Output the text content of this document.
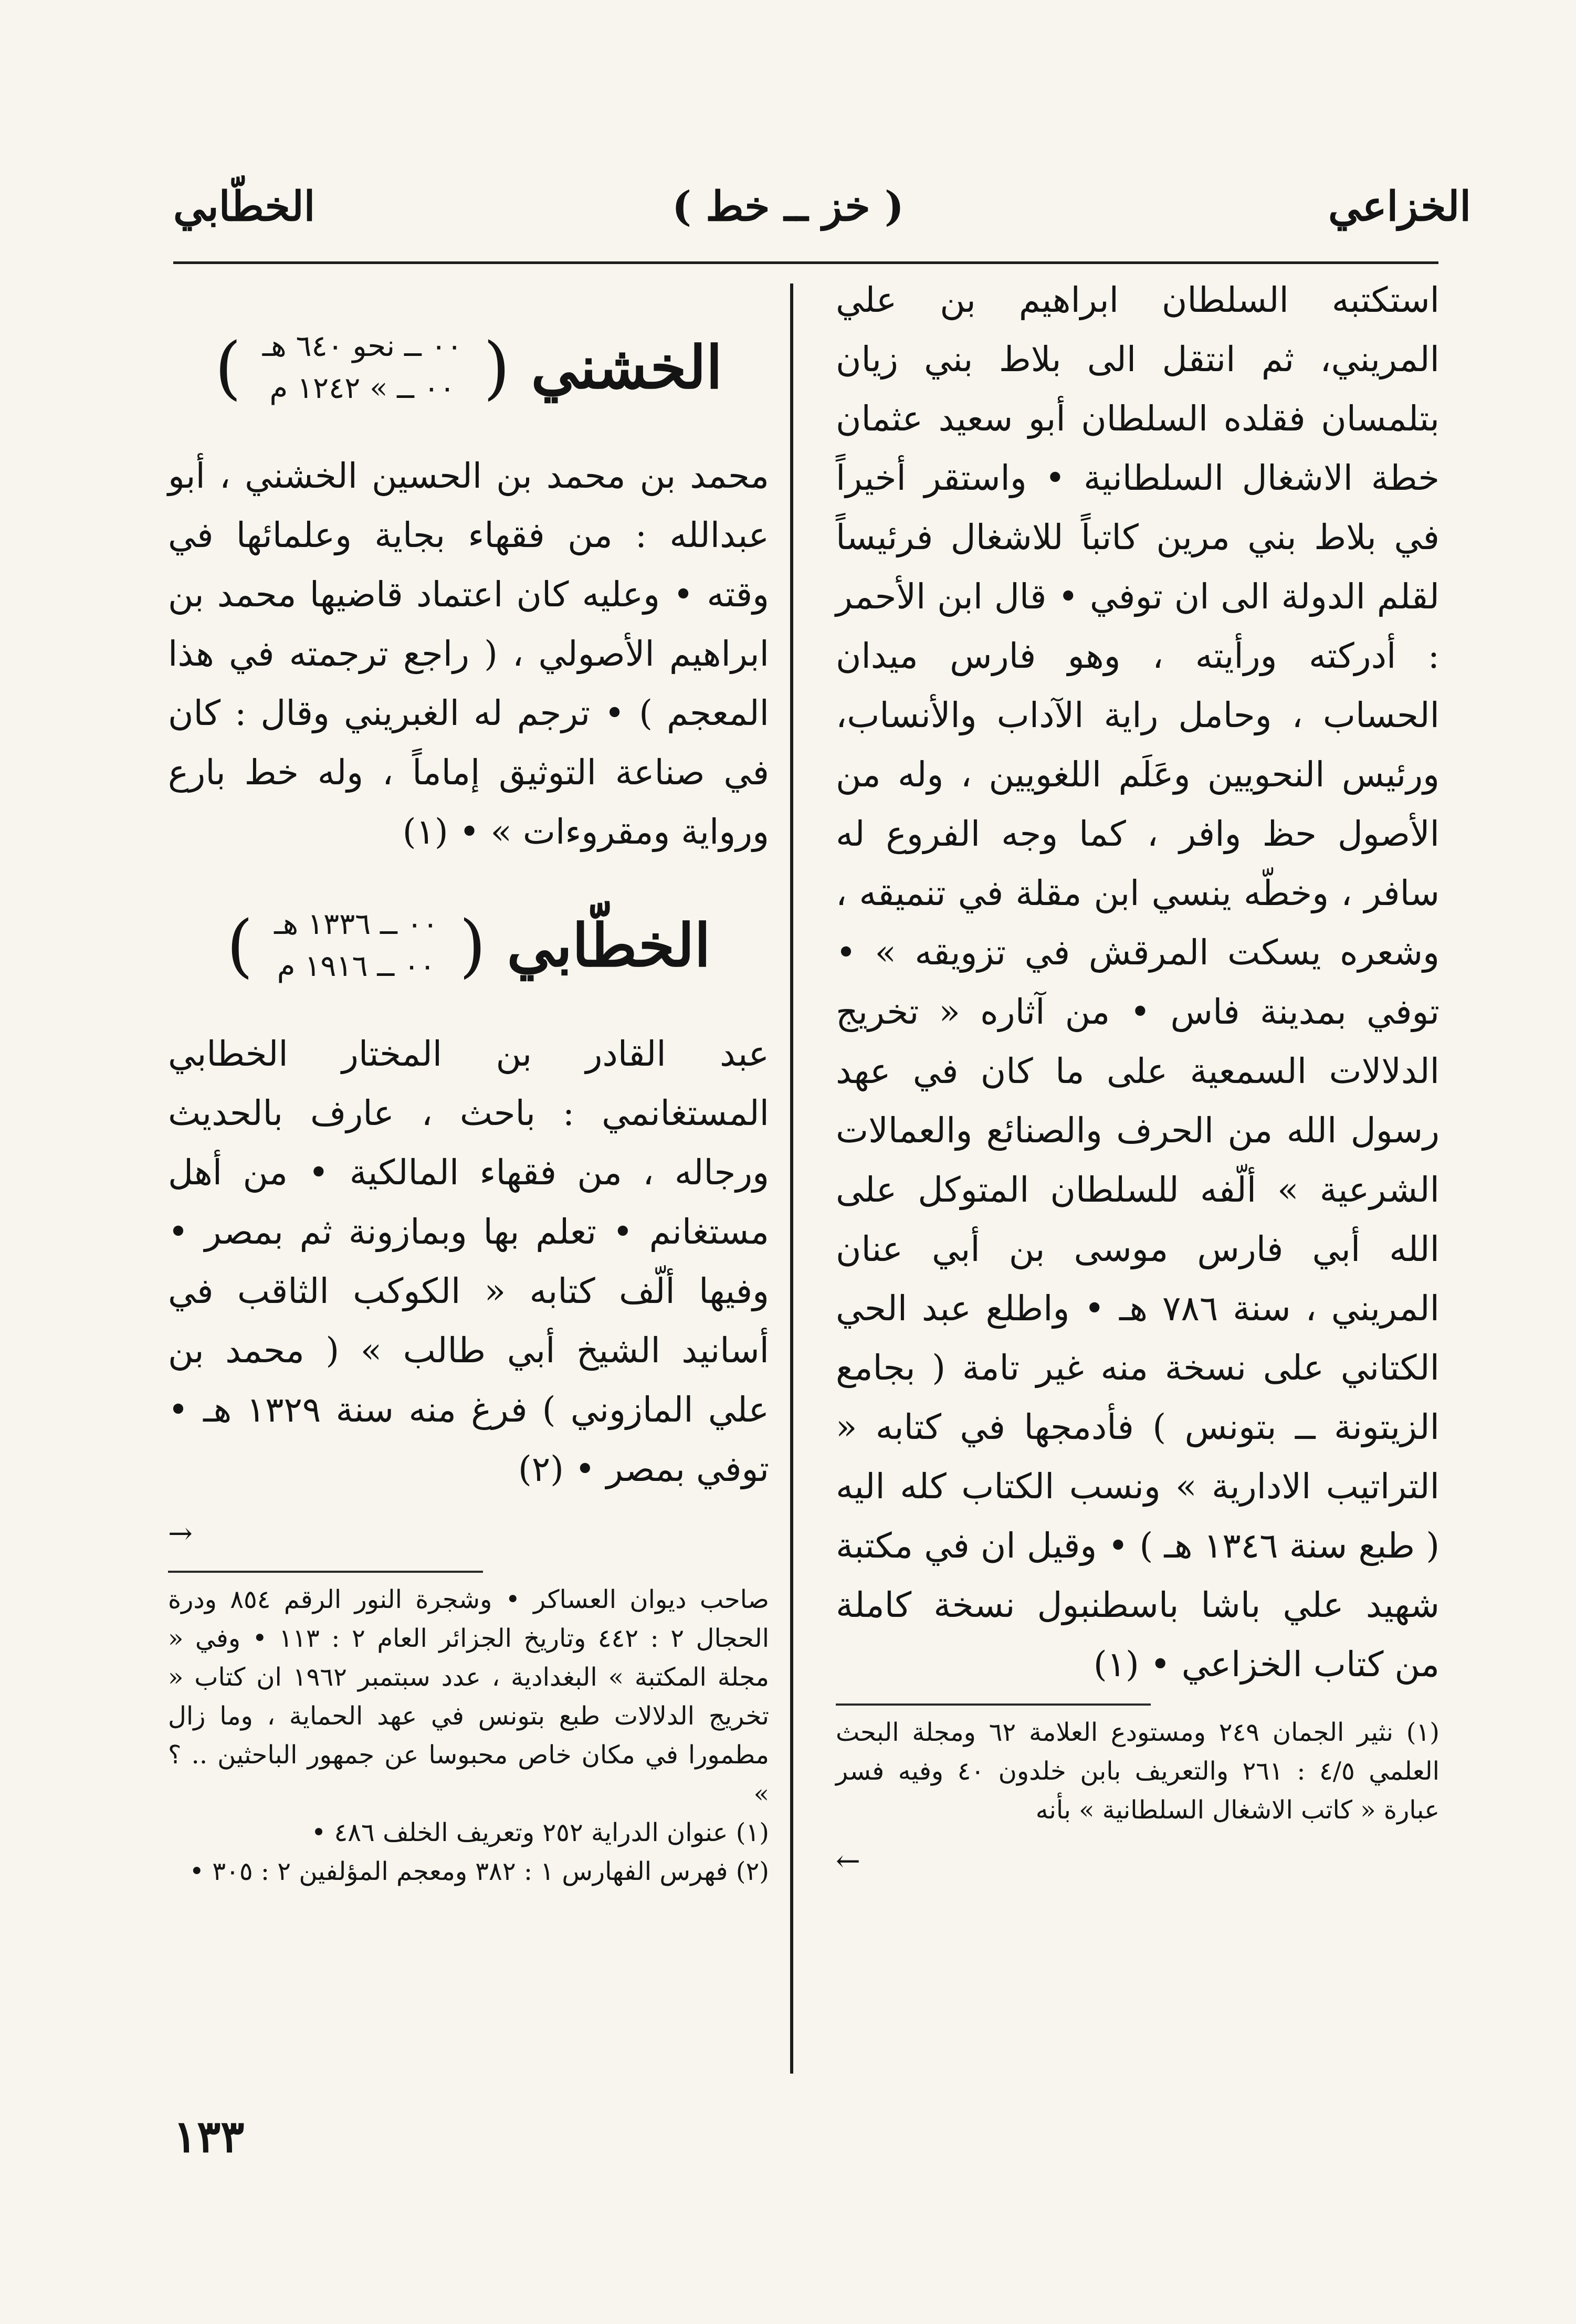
الخزاعي
( خز ــ خط )
الخطّابي

استكتبه السلطان ابراهيم بن علي المريني، ثم انتقل الى بلاط بني زيان بتلمسان فقلده السلطان أبو سعيد عثمان خطة الاشغال السلطانية • واستقر أخيراً في بلاط بني مرين كاتباً للاشغال فرئيساً لقلم الدولة الى ان توفي • قال ابن الأحمر : أدركته ورأيته ، وهو فارس ميدان الحساب ، وحامل راية الآداب والأنساب، ورئيس النحويين وعَلَم اللغويين ، وله من الأصول حظ وافر ، كما وجه الفروع له سافر ، وخطّه ينسي ابن مقلة في تنميقه ، وشعره يسكت المرقش في تزويقه » • توفي بمدينة فاس • من آثاره « تخريج الدلالات السمعية على ما كان في عهد رسول الله من الحرف والصنائع والعمالات الشرعية » ألّفه للسلطان المتوكل على الله أبي فارس موسى بن أبي عنان المريني ، سنة ٧٨٦ هـ • واطلع عبد الحي الكتاني على نسخة منه غير تامة ( بجامع الزيتونة ــ بتونس ) فأدمجها في كتابه « التراتيب الادارية » ونسب الكتاب كله اليه ( طبع سنة ١٣٤٦ هـ ) • وقيل ان في مكتبة شهيد علي باشا باسطنبول نسخة كاملة من كتاب الخزاعي • (١)

(١) نثير الجمان ٢٤٩ ومستودع العلامة ٦٢ ومجلة البحث العلمي ٤/٥ : ٢٦١ والتعريف بابن خلدون ٤٠ وفيه فسر عبارة « كاتب الاشغال السلطانية » بأنه

←
الخشني
(
٠٠ ــ نحو ٦٤٠ هـ
٠٠ ــ » ١٢٤٢ م
)

محمد بن محمد بن الحسين الخشني ، أبو عبدالله : من فقهاء بجاية وعلمائها في وقته • وعليه كان اعتماد قاضيها محمد بن ابراهيم الأصولي ، ( راجع ترجمته في هذا المعجم ) • ترجم له الغبريني وقال : كان في صناعة التوثيق إماماً ، وله خط بارع ورواية ومقروءات » • (١)

الخطّابي
(
٠٠ ــ ١٣٣٦ هـ
٠٠ ــ ١٩١٦ م
)

عبد القادر بن المختار الخطابي المستغانمي : باحث ، عارف بالحديث ورجاله ، من فقهاء المالكية • من أهل مستغانم • تعلم بها وبمازونة ثم بمصر • وفيها ألّف كتابه « الكوكب الثاقب في أسانيد الشيخ أبي طالب » ( محمد بن علي المازوني ) فرغ منه سنة ١٣٢٩ هـ • توفي بمصر • (٢)

→

صاحب ديوان العساكر • وشجرة النور الرقم ٨٥٤ ودرة الحجال ٢ : ٤٤٢ وتاريخ الجزائر العام ٢ : ١١٣ • وفي « مجلة المكتبة » البغدادية ، عدد سبتمبر ١٩٦٢ ان كتاب « تخريج الدلالات طبع بتونس في عهد الحماية ، وما زال مطمورا في مكان خاص محبوسا عن جمهور الباحثين .. ؟ »

(١) عنوان الدراية ٢٥٢ وتعريف الخلف ٤٨٦ •

(٢) فهرس الفهارس ١ : ٣٨٢ ومعجم المؤلفين ٢ : ٣٠٥ •

١٣٣
